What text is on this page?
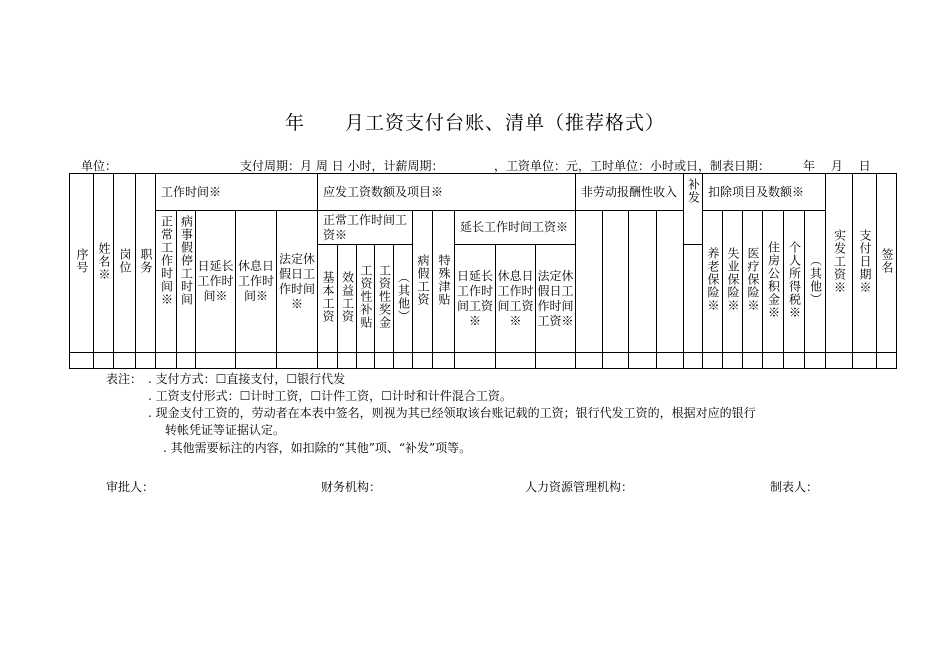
年　　月工资支付台账、清单（推荐格式）
单位：	支付周期：月 周 日 小时，计薪周期：	，工资单位：元，工时单位：小时或日，制表日期：	年　 月　 日
序号	姓名※	岗位	职务	工作时间※					应发工资数额及项目※										非劳动报酬性收入				补发	扣除项目及数额※						实发工资※	支付日期※	签名
				正常工作时间※	病事假停工时间	日延长工作时间※	休息日工作时间※	法定休假日工作时间※	正常工作时间工资※					病假工资	特殊津贴	延长工作时间工资※								养老保险※	失业保险※	医疗保险※	住房公积金※	个人所得税※	（其他）			
									基本工资	效益工资	工资性补贴	工资性奖金	（其他）			日延长工作时间工资※	休息日工作时间工资※	法定休假日工作时间工资※														

表注： . 支付方式：☐直接支付，☐银行代发
. 工资支付形式：☐计时工资，☐计件工资，☐计时和计件混合工资。
. 现金支付工资的，劳动者在本表中签名，则视为其已经领取该台账记载的工资；银行代发工资的，根据对应的银行
转帐凭证等证据认定。
. 其他需要标注的内容，如扣除的“其他”项、“补发”项等。
审批人：	财务机构：	人力资源管理机构：	制表人：
